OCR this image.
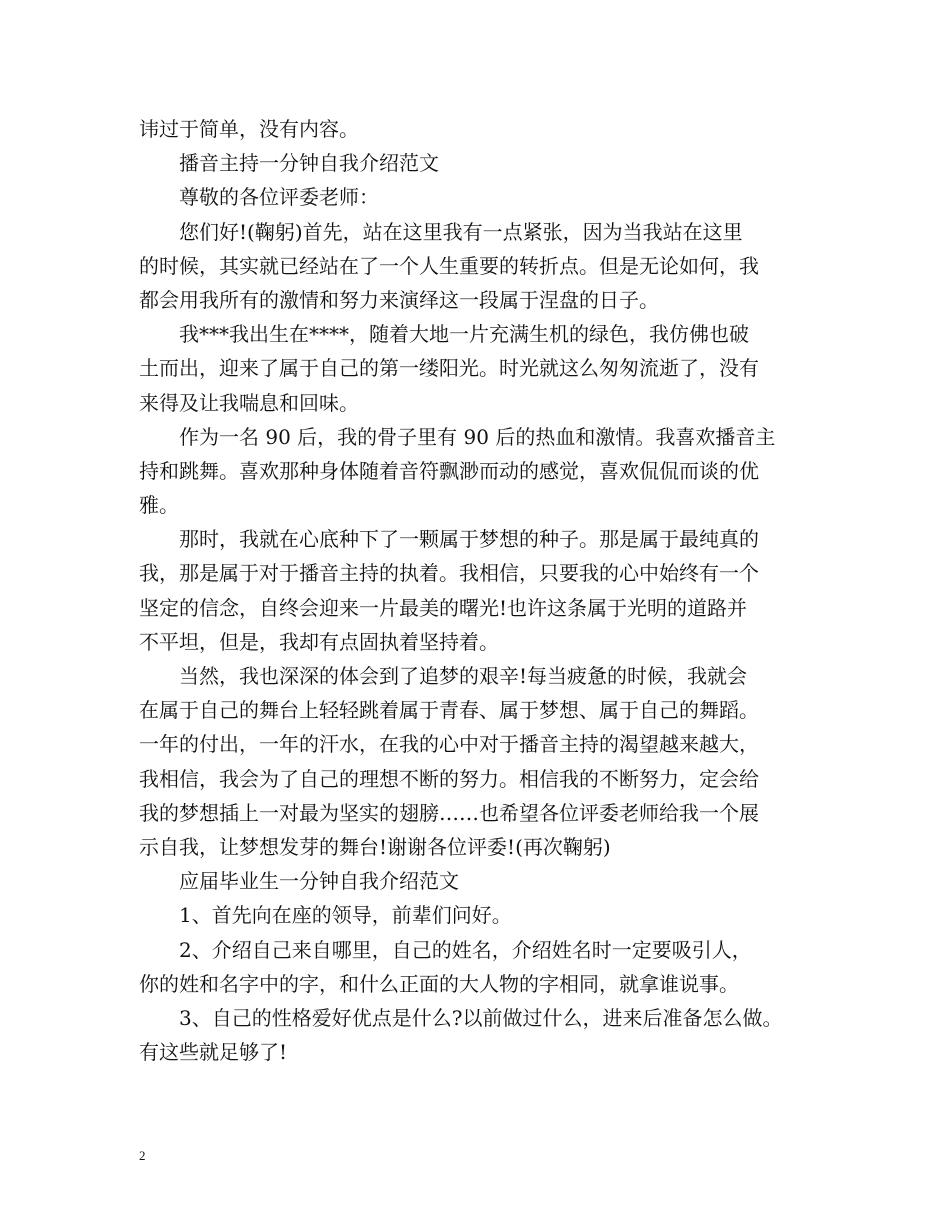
讳过于简单，没有内容。
播音主持一分钟自我介绍范文
尊敬的各位评委老师：
您们好!(鞠躬)首先，站在这里我有一点紧张，因为当我站在这里
的时候，其实就已经站在了一个人生重要的转折点。但是无论如何，我
都会用我所有的激情和努力来演绎这一段属于涅盘的日子。
我***我出生在****，随着大地一片充满生机的绿色，我仿佛也破
土而出，迎来了属于自己的第一缕阳光。时光就这么匆匆流逝了，没有
来得及让我喘息和回味。
作为一名 90 后，我的骨子里有 90 后的热血和激情。我喜欢播音主
持和跳舞。喜欢那种身体随着音符飘渺而动的感觉，喜欢侃侃而谈的优
雅。
那时，我就在心底种下了一颗属于梦想的种子。那是属于最纯真的
我，那是属于对于播音主持的执着。我相信，只要我的心中始终有一个
坚定的信念，自终会迎来一片最美的曙光!也许这条属于光明的道路并
不平坦，但是，我却有点固执着坚持着。
当然，我也深深的体会到了追梦的艰辛!每当疲惫的时候，我就会
在属于自己的舞台上轻轻跳着属于青春、属于梦想、属于自己的舞蹈。
一年的付出，一年的汗水，在我的心中对于播音主持的渴望越来越大，
我相信，我会为了自己的理想不断的努力。相信我的不断努力，定会给
我的梦想插上一对最为坚实的翅膀……也希望各位评委老师给我一个展
示自我，让梦想发芽的舞台!谢谢各位评委!(再次鞠躬)
应届毕业生一分钟自我介绍范文
1、首先向在座的领导，前辈们问好。
2、介绍自己来自哪里，自己的姓名，介绍姓名时一定要吸引人，
你的姓和名字中的字，和什么正面的大人物的字相同，就拿谁说事。
3、自己的性格爱好优点是什么?以前做过什么，进来后准备怎么做。
有这些就足够了!
2
